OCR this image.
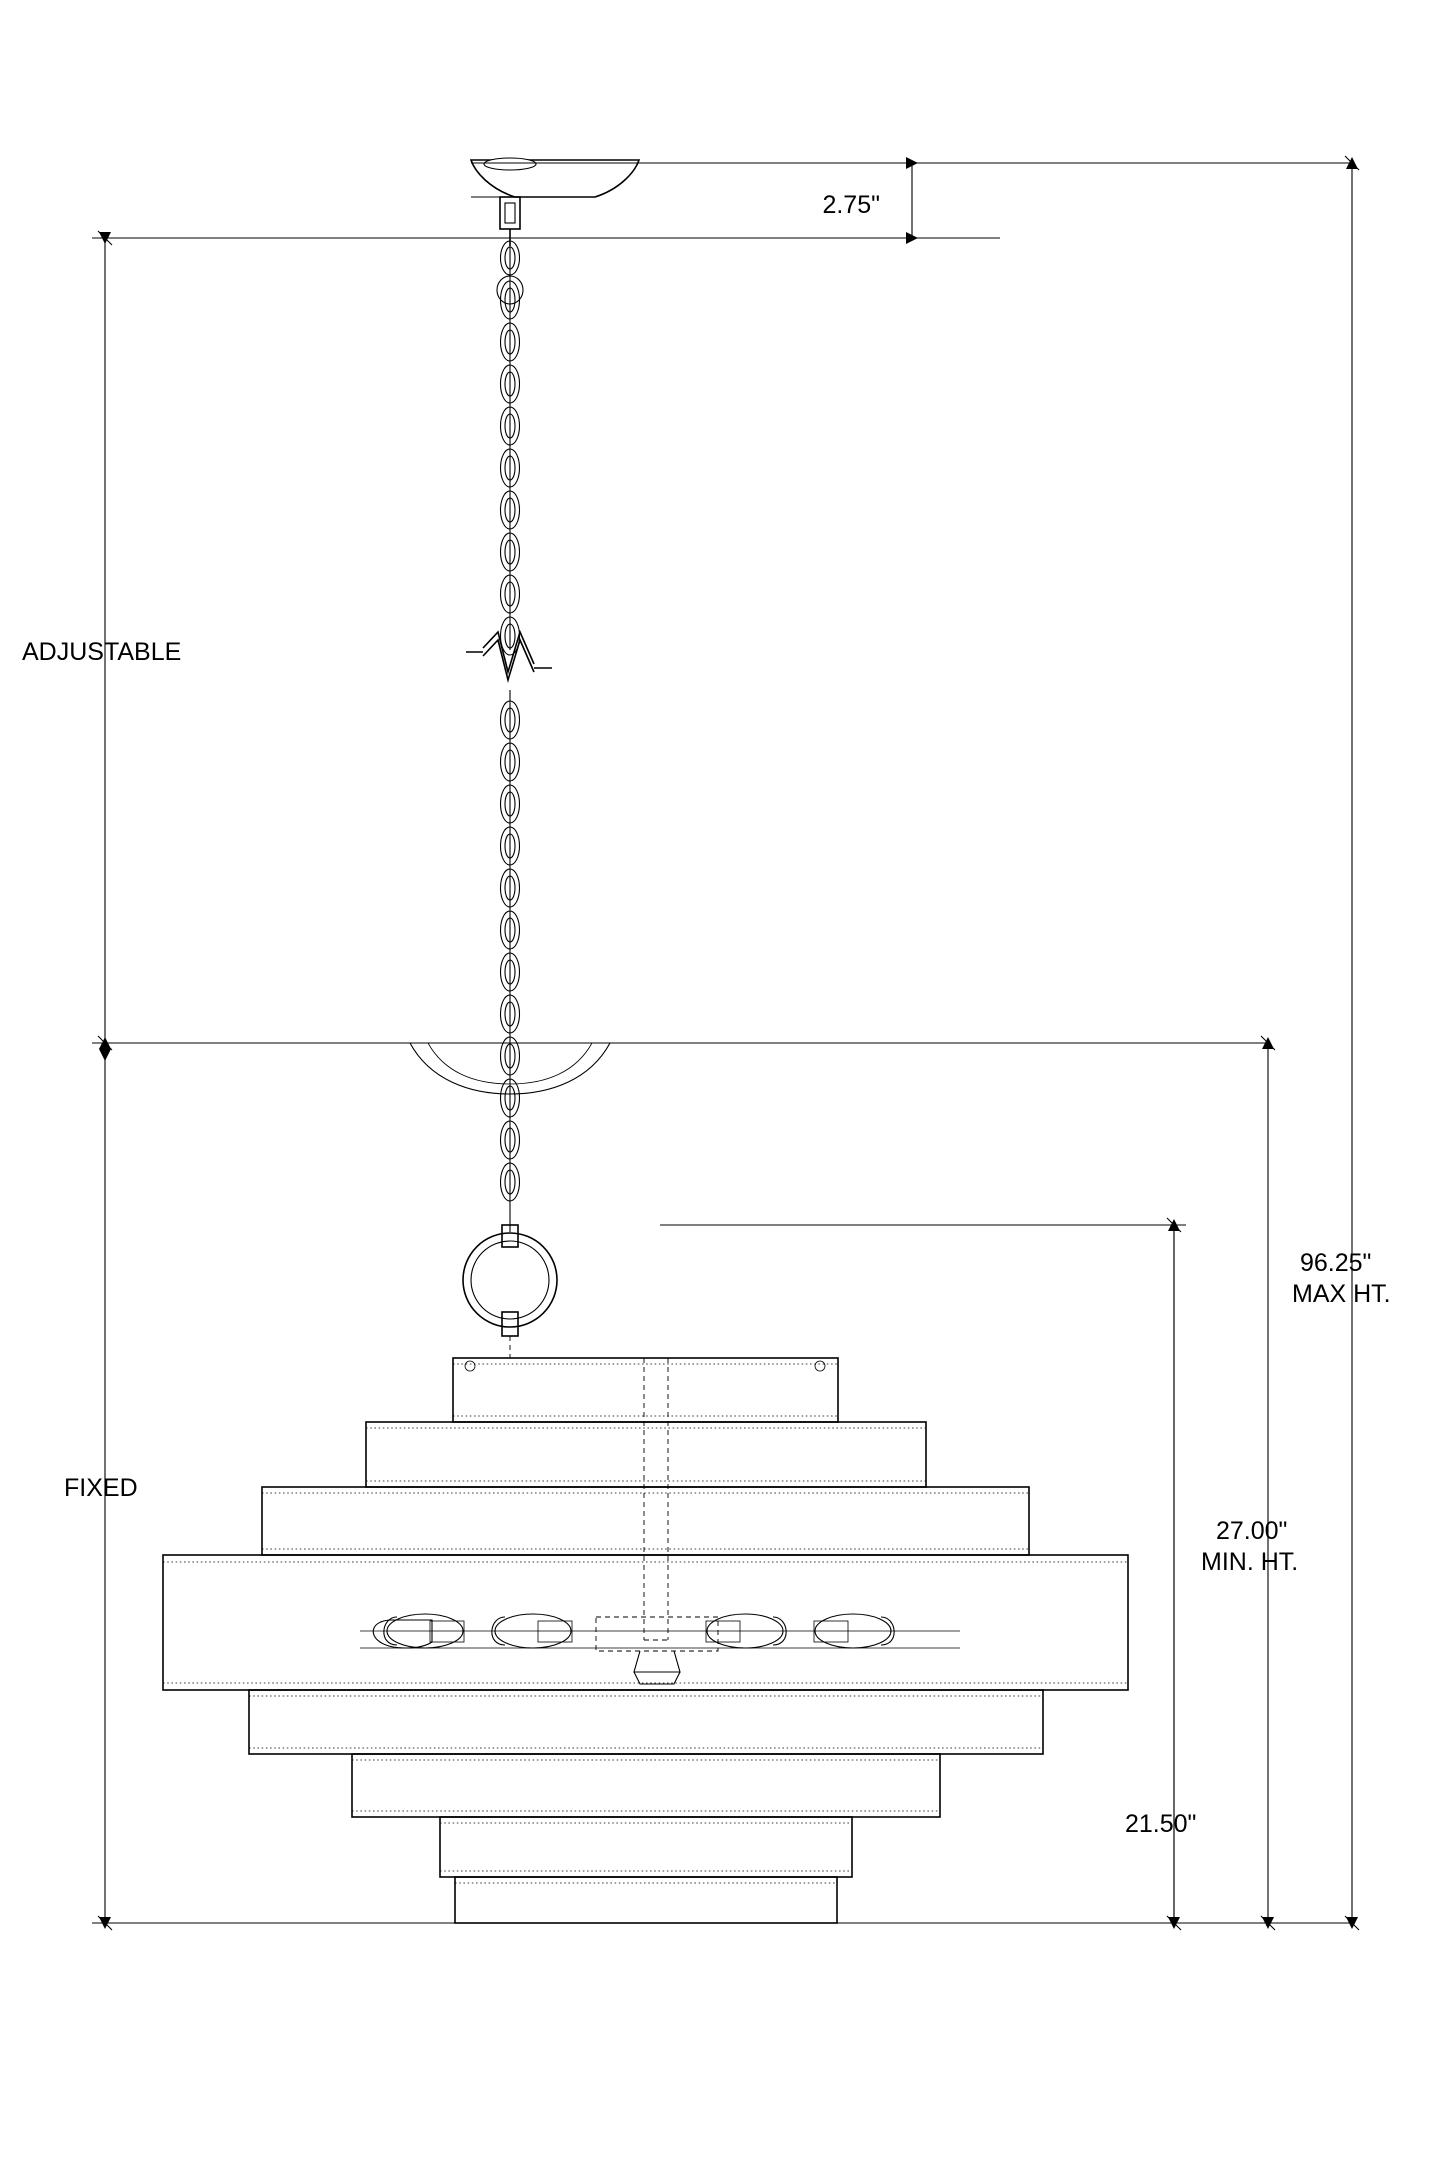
2.75"
ADJUSTABLE
FIXED
96.25"
MAX HT.
27.00"
MIN. HT.
21.50"
